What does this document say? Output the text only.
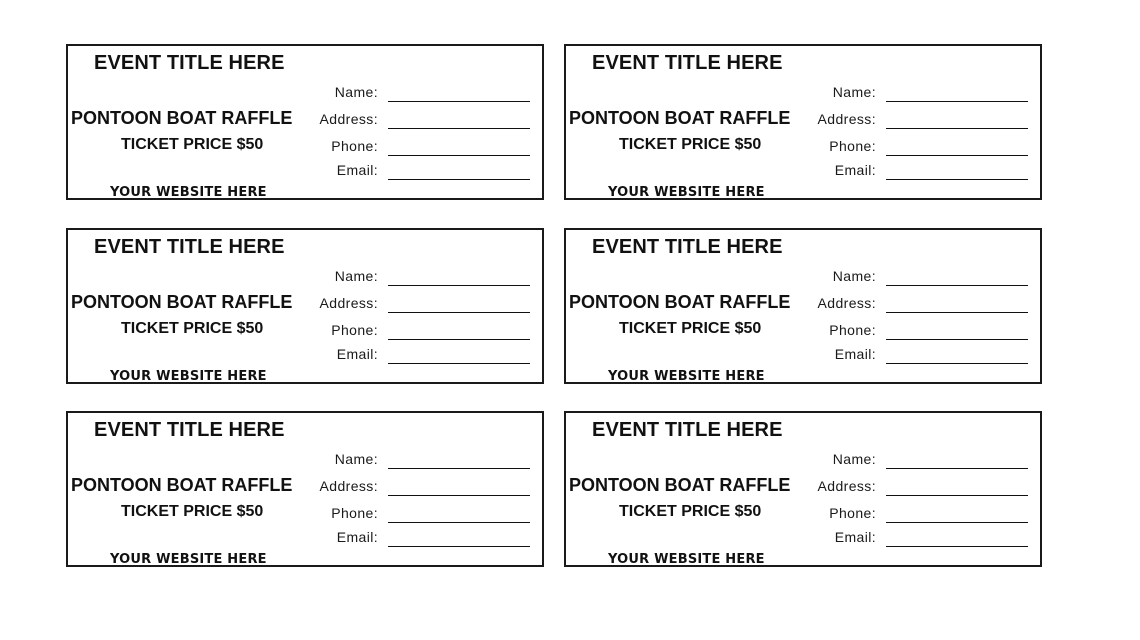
EVENT TITLE HERE
PONTOON BOAT RAFFLE
TICKET PRICE $50
YOUR WEBSITE HERE
Name:
Address:
Phone:
Email:
EVENT TITLE HERE
PONTOON BOAT RAFFLE
TICKET PRICE $50
YOUR WEBSITE HERE
Name:
Address:
Phone:
Email:
EVENT TITLE HERE
PONTOON BOAT RAFFLE
TICKET PRICE $50
YOUR WEBSITE HERE
Name:
Address:
Phone:
Email:
EVENT TITLE HERE
PONTOON BOAT RAFFLE
TICKET PRICE $50
YOUR WEBSITE HERE
Name:
Address:
Phone:
Email:
EVENT TITLE HERE
PONTOON BOAT RAFFLE
TICKET PRICE $50
YOUR WEBSITE HERE
Name:
Address:
Phone:
Email:
EVENT TITLE HERE
PONTOON BOAT RAFFLE
TICKET PRICE $50
YOUR WEBSITE HERE
Name:
Address:
Phone:
Email:
